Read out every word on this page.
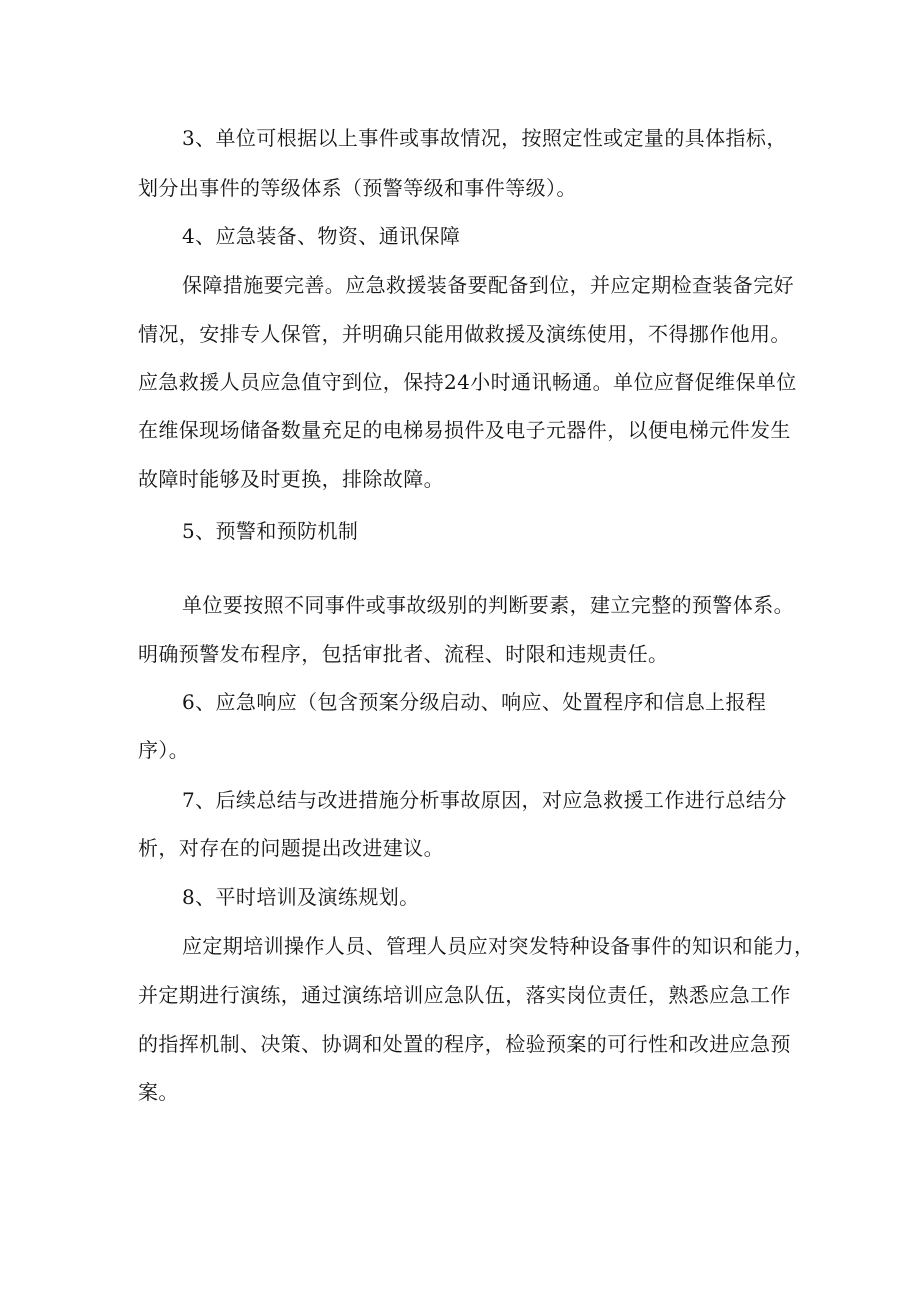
3、单位可根据以上事件或事故情况，按照定性或定量的具体指标，
划分出事件的等级体系（预警等级和事件等级）。
4、应急装备、物资、通讯保障
保障措施要完善。应急救援装备要配备到位，并应定期检查装备完好
情况，安排专人保管，并明确只能用做救援及演练使用，不得挪作他用。
应急救援人员应急值守到位，保持24小时通讯畅通。单位应督促维保单位
在维保现场储备数量充足的电梯易损件及电子元器件，以便电梯元件发生
故障时能够及时更换，排除故障。
5、预警和预防机制
单位要按照不同事件或事故级别的判断要素，建立完整的预警体系。
明确预警发布程序，包括审批者、流程、时限和违规责任。
6、应急响应（包含预案分级启动、响应、处置程序和信息上报程
序）。
7、后续总结与改进措施分析事故原因，对应急救援工作进行总结分
析，对存在的问题提出改进建议。
8、平时培训及演练规划。
应定期培训操作人员、管理人员应对突发特种设备事件的知识和能力，
并定期进行演练，通过演练培训应急队伍，落实岗位责任，熟悉应急工作
的指挥机制、决策、协调和处置的程序，检验预案的可行性和改进应急预
案。
